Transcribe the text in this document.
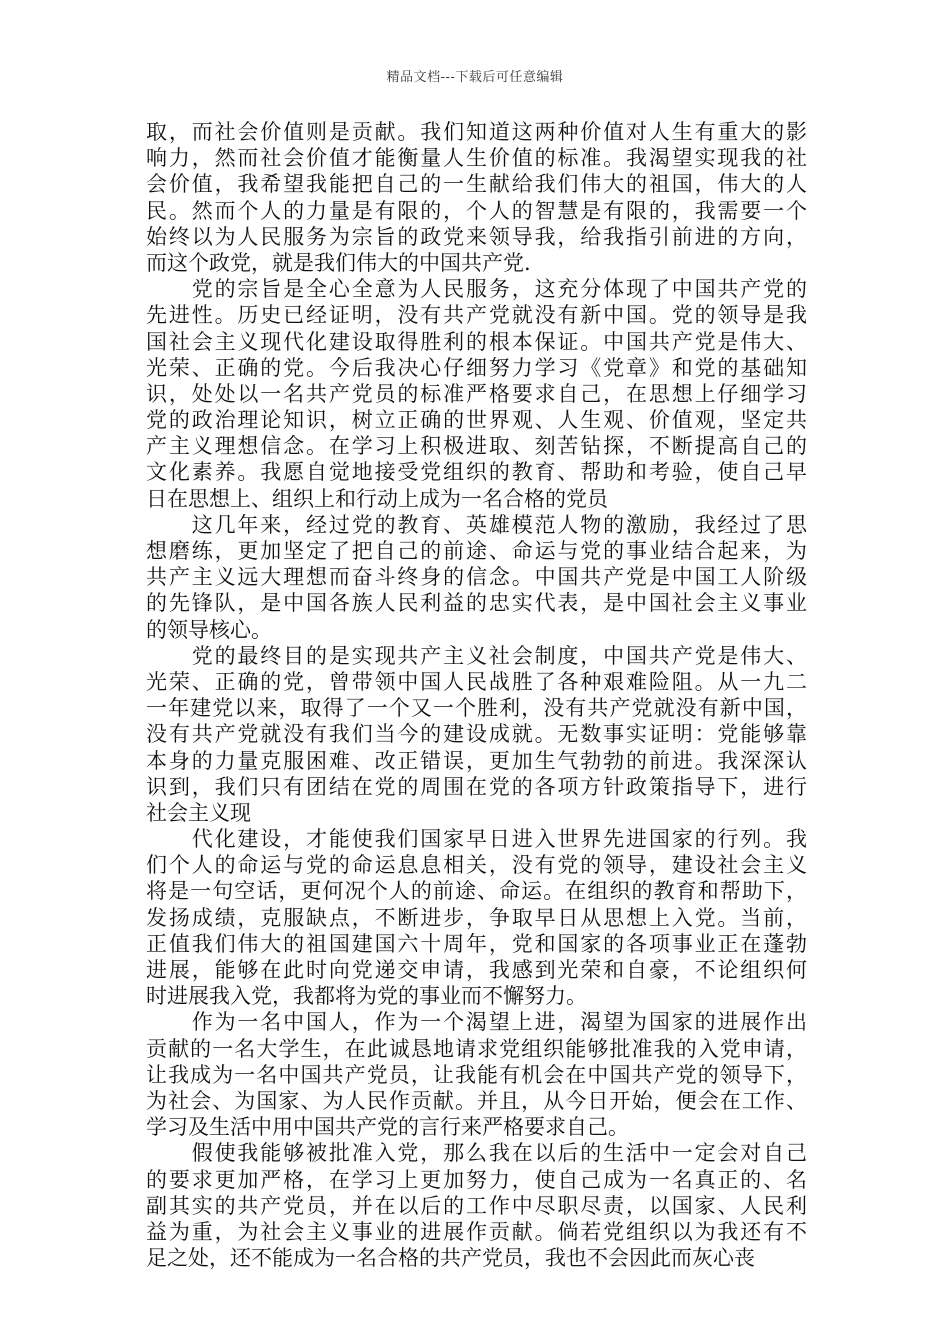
精品文档---下载后可任意编辑
取，而社会价值则是贡献。我们知道这两种价值对人生有重大的影
响力，然而社会价值才能衡量人生价值的标准。我渴望实现我的社
会价值，我希望我能把自己的一生献给我们伟大的祖国，伟大的人
民。然而个人的力量是有限的，个人的智慧是有限的，我需要一个
始终以为人民服务为宗旨的政党来领导我，给我指引前进的方向，
而这个政党，就是我们伟大的中国共产党.
　　党的宗旨是全心全意为人民服务，这充分体现了中国共产党的
先进性。历史已经证明，没有共产党就没有新中国。党的领导是我
国社会主义现代化建设取得胜利的根本保证。中国共产党是伟大、
光荣、正确的党。今后我决心仔细努力学习《党章》和党的基础知
识，处处以一名共产党员的标准严格要求自己，在思想上仔细学习
党的政治理论知识，树立正确的世界观、人生观、价值观，坚定共
产主义理想信念。在学习上积极进取、刻苦钻探，不断提高自己的
文化素养。我愿自觉地接受党组织的教育、帮助和考验，使自己早
日在思想上、组织上和行动上成为一名合格的党员
　　这几年来，经过党的教育、英雄模范人物的激励，我经过了思
想磨练，更加坚定了把自己的前途、命运与党的事业结合起来，为
共产主义远大理想而奋斗终身的信念。中国共产党是中国工人阶级
的先锋队，是中国各族人民利益的忠实代表，是中国社会主义事业
的领导核心。
　　党的最终目的是实现共产主义社会制度，中国共产党是伟大、
光荣、正确的党，曾带领中国人民战胜了各种艰难险阻。从一九二
一年建党以来，取得了一个又一个胜利，没有共产党就没有新中国，
没有共产党就没有我们当今的建设成就。无数事实证明：党能够靠
本身的力量克服困难、改正错误，更加生气勃勃的前进。我深深认
识到，我们只有团结在党的周围在党的各项方针政策指导下，进行
社会主义现
　　代化建设，才能使我们国家早日进入世界先进国家的行列。我
们个人的命运与党的命运息息相关，没有党的领导，建设社会主义
将是一句空话，更何况个人的前途、命运。在组织的教育和帮助下，
发扬成绩，克服缺点，不断进步，争取早日从思想上入党。当前，
正值我们伟大的祖国建国六十周年，党和国家的各项事业正在蓬勃
进展，能够在此时向党递交申请，我感到光荣和自豪，不论组织何
时进展我入党，我都将为党的事业而不懈努力。
　　作为一名中国人，作为一个渴望上进，渴望为国家的进展作出
贡献的一名大学生，在此诚恳地请求党组织能够批准我的入党申请，
让我成为一名中国共产党员，让我能有机会在中国共产党的领导下，
为社会、为国家、为人民作贡献。并且，从今日开始，便会在工作、
学习及生活中用中国共产党的言行来严格要求自己。
　　假使我能够被批准入党，那么我在以后的生活中一定会对自己
的要求更加严格，在学习上更加努力，使自己成为一名真正的、名
副其实的共产党员，并在以后的工作中尽职尽责，以国家、人民利
益为重，为社会主义事业的进展作贡献。倘若党组织以为我还有不
足之处，还不能成为一名合格的共产党员，我也不会因此而灰心丧
